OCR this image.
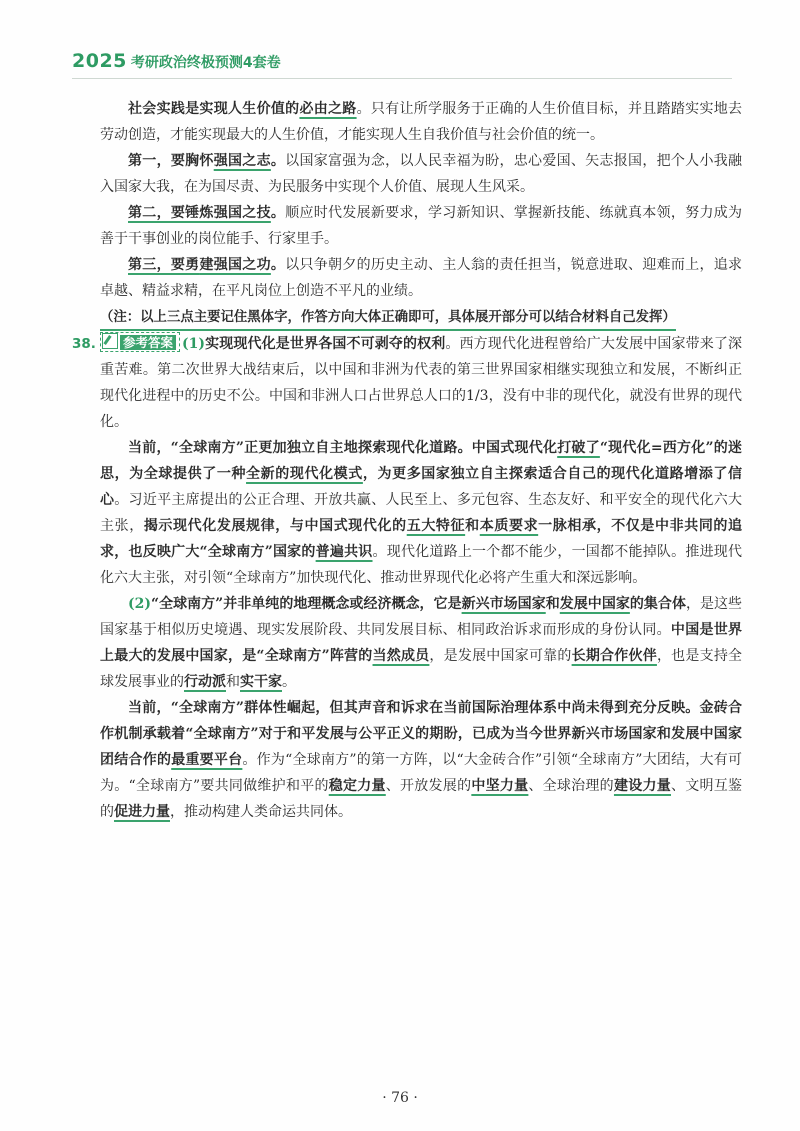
2025 考研政治终极预测4套卷

社会实践是实现人生价值的必由之路。只有让所学服务于正确的人生价值目标，并且踏踏实实地去劳动创造，才能实现最大的人生价值，才能实现人生自我价值与社会价值的统一。

第一，要胸怀强国之志。以国家富强为念，以人民幸福为盼，忠心爱国、矢志报国，把个人小我融入国家大我，在为国尽责、为民服务中实现个人价值、展现人生风采。

第二，要锤炼强国之技。顺应时代发展新要求，学习新知识、掌握新技能、练就真本领，努力成为善于干事创业的岗位能手、行家里手。

第三，要勇建强国之功。以只争朝夕的历史主动、主人翁的责任担当，锐意进取、迎难而上，追求卓越、精益求精，在平凡岗位上创造不平凡的业绩。

（注：以上三点主要记住黑体字，作答方向大体正确即可，具体展开部分可以结合材料自己发挥）

38.	参考答案 (1)实现现代化是世界各国不可剥夺的权利。西方现代化进程曾给广大发展中国家带来了深重苦难。第二次世界大战结束后，以中国和非洲为代表的第三世界国家相继实现独立和发展，不断纠正现代化进程中的历史不公。中国和非洲人口占世界总人口的1/3，没有中非的现代化，就没有世界的现代化。

当前，“全球南方”正更加独立自主地探索现代化道路。中国式现代化打破了“现代化=西方化”的迷思，为全球提供了一种全新的现代化模式，为更多国家独立自主探索适合自己的现代化道路增添了信心。习近平主席提出的公正合理、开放共赢、人民至上、多元包容、生态友好、和平安全的现代化六大主张，揭示现代化发展规律，与中国式现代化的五大特征和本质要求一脉相承，不仅是中非共同的追求，也反映广大“全球南方”国家的普遍共识。现代化道路上一个都不能少，一国都不能掉队。推进现代化六大主张，对引领“全球南方”加快现代化、推动世界现代化必将产生重大和深远影响。

(2)“全球南方”并非单纯的地理概念或经济概念，它是新兴市场国家和发展中国家的集合体，是这些国家基于相似历史境遇、现实发展阶段、共同发展目标、相同政治诉求而形成的身份认同。中国是世界上最大的发展中国家，是“全球南方”阵营的当然成员，是发展中国家可靠的长期合作伙伴，也是支持全球发展事业的行动派和实干家。

当前，“全球南方”群体性崛起，但其声音和诉求在当前国际治理体系中尚未得到充分反映。金砖合作机制承载着“全球南方”对于和平发展与公平正义的期盼，已成为当今世界新兴市场国家和发展中国家团结合作的最重要平台。作为“全球南方”的第一方阵，以“大金砖合作”引领“全球南方”大团结，大有可为。“全球南方”要共同做维护和平的稳定力量、开放发展的中坚力量、全球治理的建设力量、文明互鉴的促进力量，推动构建人类命运共同体。

· 76 ·
